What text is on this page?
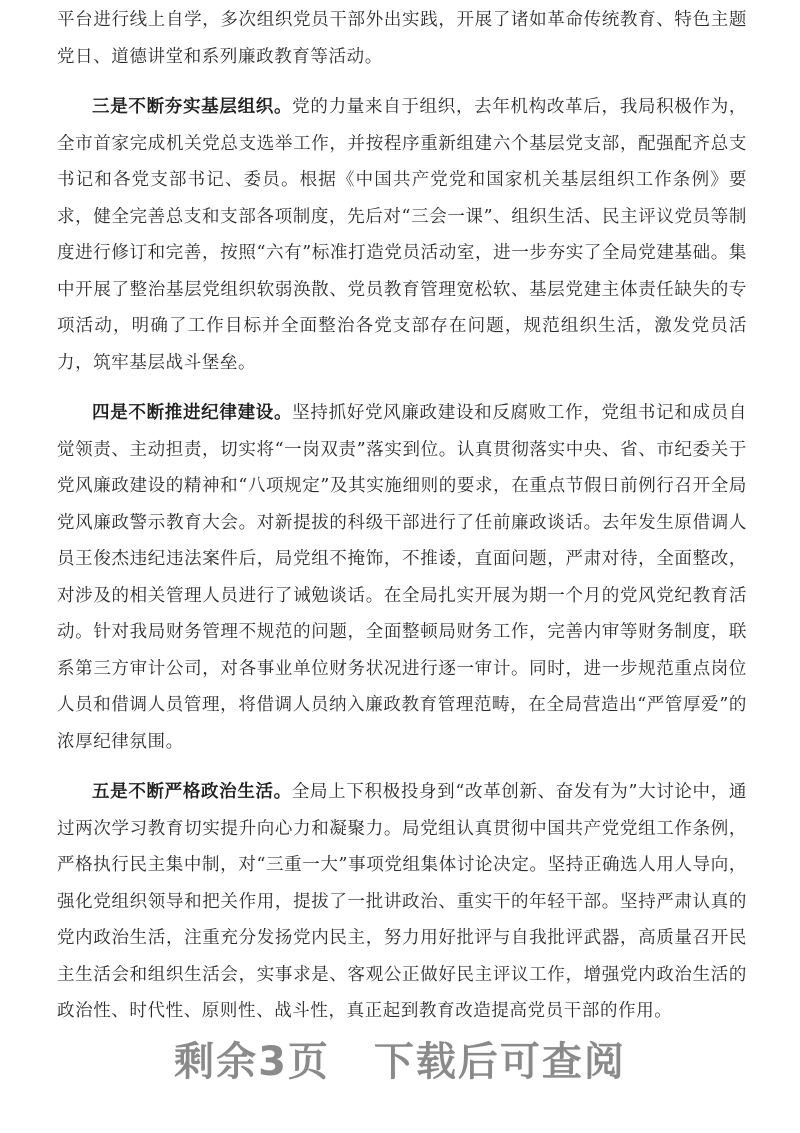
平台进行线上自学，多次组织党员干部外出实践，开展了诸如革命传统教育、特色主题党日、道德讲堂和系列廉政教育等活动。

三是不断夯实基层组织。党的力量来自于组织，去年机构改革后，我局积极作为，全市首家完成机关党总支选举工作，并按程序重新组建六个基层党支部，配强配齐总支书记和各党支部书记、委员。根据《中国共产党党和国家机关基层组织工作条例》要求，健全完善总支和支部各项制度，先后对“三会一课”、组织生活、民主评议党员等制度进行修订和完善，按照“六有”标准打造党员活动室，进一步夯实了全局党建基础。集中开展了整治基层党组织软弱涣散、党员教育管理宽松软、基层党建主体责任缺失的专项活动，明确了工作目标并全面整治各党支部存在问题，规范组织生活，激发党员活力，筑牢基层战斗堡垒。

四是不断推进纪律建设。坚持抓好党风廉政建设和反腐败工作，党组书记和成员自觉领责、主动担责，切实将“一岗双责”落实到位。认真贯彻落实中央、省、市纪委关于党风廉政建设的精神和“八项规定”及其实施细则的要求，在重点节假日前例行召开全局党风廉政警示教育大会。对新提拔的科级干部进行了任前廉政谈话。去年发生原借调人员王俊杰违纪违法案件后，局党组不掩饰，不推诿，直面问题，严肃对待，全面整改，对涉及的相关管理人员进行了诫勉谈话。在全局扎实开展为期一个月的党风党纪教育活动。针对我局财务管理不规范的问题，全面整顿局财务工作，完善内审等财务制度，联系第三方审计公司，对各事业单位财务状况进行逐一审计。同时，进一步规范重点岗位人员和借调人员管理，将借调人员纳入廉政教育管理范畴，在全局营造出“严管厚爱”的浓厚纪律氛围。

五是不断严格政治生活。全局上下积极投身到“改革创新、奋发有为”大讨论中，通过两次学习教育切实提升向心力和凝聚力。局党组认真贯彻中国共产党党组工作条例，严格执行民主集中制，对“三重一大”事项党组集体讨论决定。坚持正确选人用人导向，强化党组织领导和把关作用，提拔了一批讲政治、重实干的年轻干部。坚持严肃认真的党内政治生活，注重充分发扬党内民主，努力用好批评与自我批评武器，高质量召开民主生活会和组织生活会，实事求是、客观公正做好民主评议工作，增强党内政治生活的政治性、时代性、原则性、战斗性，真正起到教育改造提高党员干部的作用。

剩余3页 下载后可查阅
